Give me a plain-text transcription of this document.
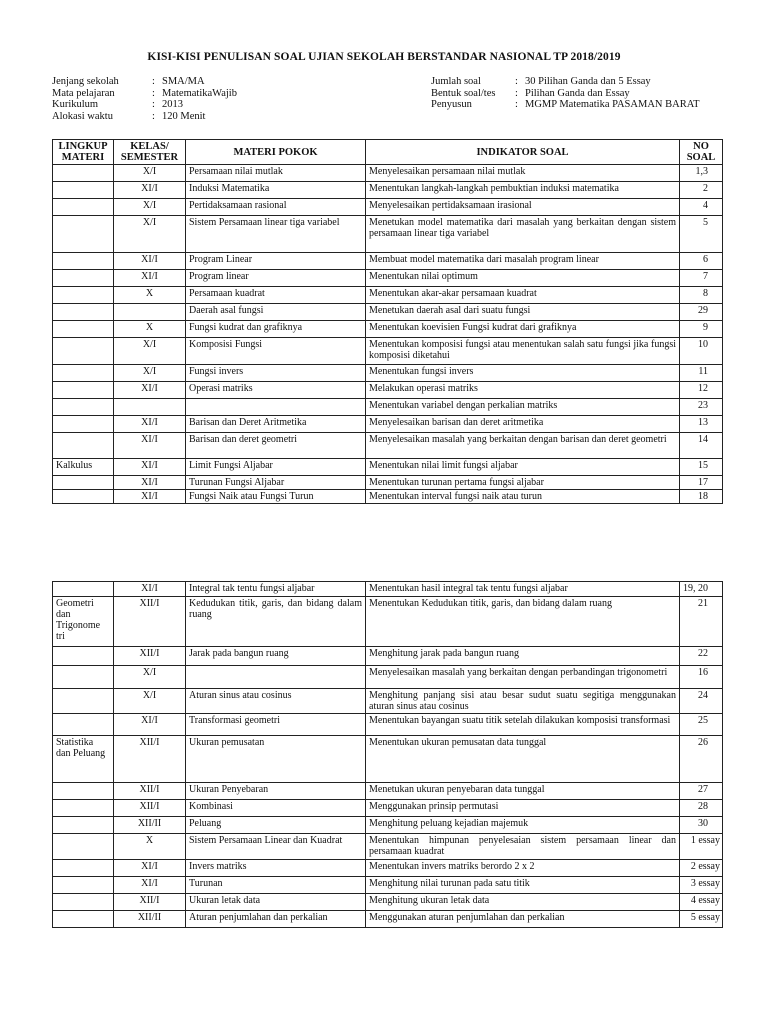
KISI-KISI PENULISAN SOAL UJIAN SEKOLAH BERSTANDAR NASIONAL TP 2018/2019
Jenjang sekolah	: SMA/MA
Mata pelajaran	: MatematikaWajib
Kurikulum	: 2013
Alokasi waktu	: 120 Menit
Jumlah soal	: 30 Pilihan Ganda dan 5 Essay
Bentuk soal/tes	: Pilihan Ganda dan Essay
Penyusun	: MGMP Matematika PASAMAN BARAT
LINGKUP MATERI	KELAS/ SEMESTER	MATERI POKOK	INDIKATOR SOAL	NO SOAL
	X/I	Persamaan nilai mutlak	Menyelesaikan persamaan nilai mutlak	1,3
	XI/I	Induksi Matematika	Menentukan langkah-langkah pembuktian induksi matematika	2
	X/I	Pertidaksamaan rasional	Menyelesaikan pertidaksamaan irasional	4
	X/I	Sistem Persamaan linear tiga variabel	Menetukan model matematika dari masalah yang berkaitan dengan sistem persamaan linear tiga variabel	5
	XI/I	Program Linear	Membuat model matematika dari masalah program linear	6
	XI/I	Program linear	Menentukan nilai optimum	7
	X	Persamaan kuadrat	Menentukan akar-akar persamaan kuadrat	8
		Daerah asal fungsi	Menetukan daerah asal dari suatu fungsi	29
	X	Fungsi kudrat dan grafiknya	Menentukan koevisien Fungsi kudrat dari grafiknya	9
	X/I	Komposisi Fungsi	Menentukan komposisi fungsi atau menentukan salah satu fungsi jika fungsi komposisi diketahui	10
	X/I	Fungsi invers	Menentukan fungsi invers	11
	XI/I	Operasi matriks	Melakukan operasi matriks	12
			Menentukan variabel dengan perkalian matriks	23
	XI/I	Barisan dan Deret Aritmetika	Menyelesaikan barisan dan deret aritmetika	13
	XI/I	Barisan dan deret geometri	Menyelesaikan masalah yang berkaitan dengan barisan dan deret geometri	14
Kalkulus	XI/I	Limit Fungsi Aljabar	Menentukan nilai limit fungsi aljabar	15
	XI/I	Turunan Fungsi Aljabar	Menentukan turunan pertama fungsi aljabar	17
	XI/I	Fungsi Naik atau Fungsi Turun	Menentukan interval fungsi naik atau turun	18
	XI/I	Integral tak tentu fungsi aljabar	Menentukan hasil integral tak tentu fungsi aljabar	19, 20
Geometri dan Trigonome tri	XII/I	Kedudukan titik, garis, dan bidang dalam ruang	Menentukan Kedudukan titik, garis, dan bidang dalam ruang	21
	XII/I	Jarak pada bangun ruang	Menghitung jarak pada bangun ruang	22
	X/I		Menyelesaikan masalah yang berkaitan dengan perbandingan trigonometri	16
	X/I	Aturan sinus atau cosinus	Menghitung panjang sisi atau besar sudut suatu segitiga menggunakan aturan sinus atau cosinus	24
	XI/I	Transformasi geometri	Menentukan bayangan suatu titik setelah dilakukan komposisi transformasi	25
Statistika dan Peluang	XII/I	Ukuran pemusatan	Menentukan ukuran pemusatan data tunggal	26
	XII/I	Ukuran Penyebaran	Menetukan ukuran penyebaran data tunggal	27
	XII/I	Kombinasi	Menggunakan prinsip permutasi	28
	XII/II	Peluang	Menghitung peluang kejadian majemuk	30
	X	Sistem Persamaan Linear dan Kuadrat	Menentukan himpunan penyelesaian sistem persamaan linear dan persamaan kuadrat	1 essay
	XI/I	Invers matriks	Menentukan invers matriks berordo 2 x 2	2 essay
	XI/I	Turunan	Menghitung nilai turunan pada satu titik	3 essay
	XII/I	Ukuran letak data	Menghitung ukuran letak data	4 essay
	XII/II	Aturan penjumlahan dan perkalian	Menggunakan aturan penjumlahan dan perkalian	5 essay
